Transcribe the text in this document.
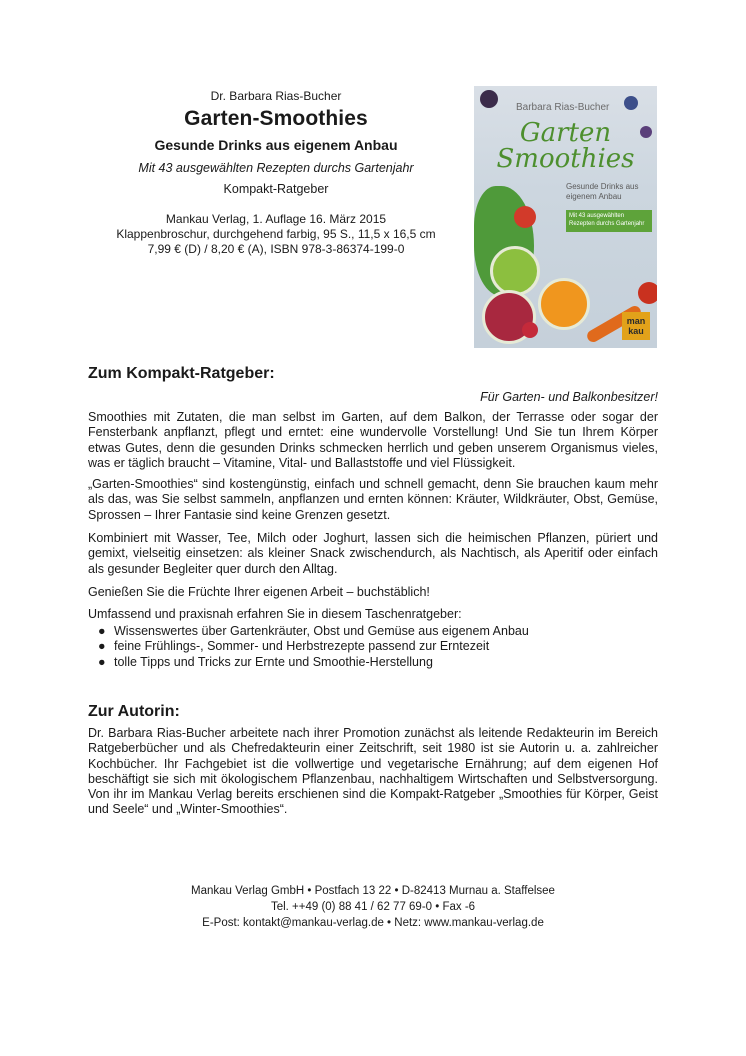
Dr. Barbara Rias-Bucher
Garten-Smoothies
Gesunde Drinks aus eigenem Anbau
Mit 43 ausgewählten Rezepten durchs Gartenjahr
Kompakt-Ratgeber
Mankau Verlag, 1. Auflage 16. März 2015
Klappenbroschur, durchgehend farbig, 95 S., 11,5 x 16,5 cm
7,99 € (D) / 8,20 € (A), ISBN 978-3-86374-199-0
Barbara Rias-Bucher
Garten
Smoothies
Gesunde Drinks aus eigenem Anbau
Mit 43 ausgewählten Rezepten durchs Gartenjahr
man
kau
Zum Kompakt-Ratgeber:
Für Garten- und Balkonbesitzer!
Smoothies mit Zutaten, die man selbst im Garten, auf dem Balkon, der Terrasse oder sogar der Fensterbank anpflanzt, pflegt und erntet: eine wundervolle Vorstellung! Und Sie tun Ihrem Körper etwas Gutes, denn die gesunden Drinks schmecken herrlich und geben unserem Organismus vieles, was er täglich braucht – Vitamine, Vital- und Ballaststoffe und viel Flüssigkeit.
„Garten-Smoothies“ sind kostengünstig, einfach und schnell gemacht, denn Sie brauchen kaum mehr als das, was Sie selbst sammeln, anpflanzen und ernten können: Kräuter, Wildkräuter, Obst, Gemüse, Sprossen – Ihrer Fantasie sind keine Grenzen gesetzt.
Kombiniert mit Wasser, Tee, Milch oder Joghurt, lassen sich die heimischen Pflanzen, püriert und gemixt, vielseitig einsetzen: als kleiner Snack zwischendurch, als Nachtisch, als Aperitif oder einfach als gesunder Begleiter quer durch den Alltag.
Genießen Sie die Früchte Ihrer eigenen Arbeit – buchstäblich!
Umfassend und praxisnah erfahren Sie in diesem Taschenratgeber:
● Wissenswertes über Gartenkräuter, Obst und Gemüse aus eigenem Anbau
● feine Frühlings-, Sommer- und Herbstrezepte passend zur Erntezeit
● tolle Tipps und Tricks zur Ernte und Smoothie-Herstellung
Zur Autorin:
Dr. Barbara Rias-Bucher arbeitete nach ihrer Promotion zunächst als leitende Redakteurin im Bereich Ratgeberbücher und als Chefredakteurin einer Zeitschrift, seit 1980 ist sie Autorin u. a. zahlreicher Kochbücher. Ihr Fachgebiet ist die vollwertige und vegetarische Ernährung; auf dem eigenen Hof beschäftigt sie sich mit ökologischem Pflanzenbau, nachhaltigem Wirtschaften und Selbstversorgung. Von ihr im Mankau Verlag bereits erschienen sind die Kompakt-Ratgeber „Smoothies für Körper, Geist und Seele“ und „Winter-Smoothies“.
Mankau Verlag GmbH • Postfach 13 22 • D-82413 Murnau a. Staffelsee
Tel. ++49 (0) 88 41 / 62 77 69-0 • Fax -6
E-Post: kontakt@mankau-verlag.de • Netz: www.mankau-verlag.de
